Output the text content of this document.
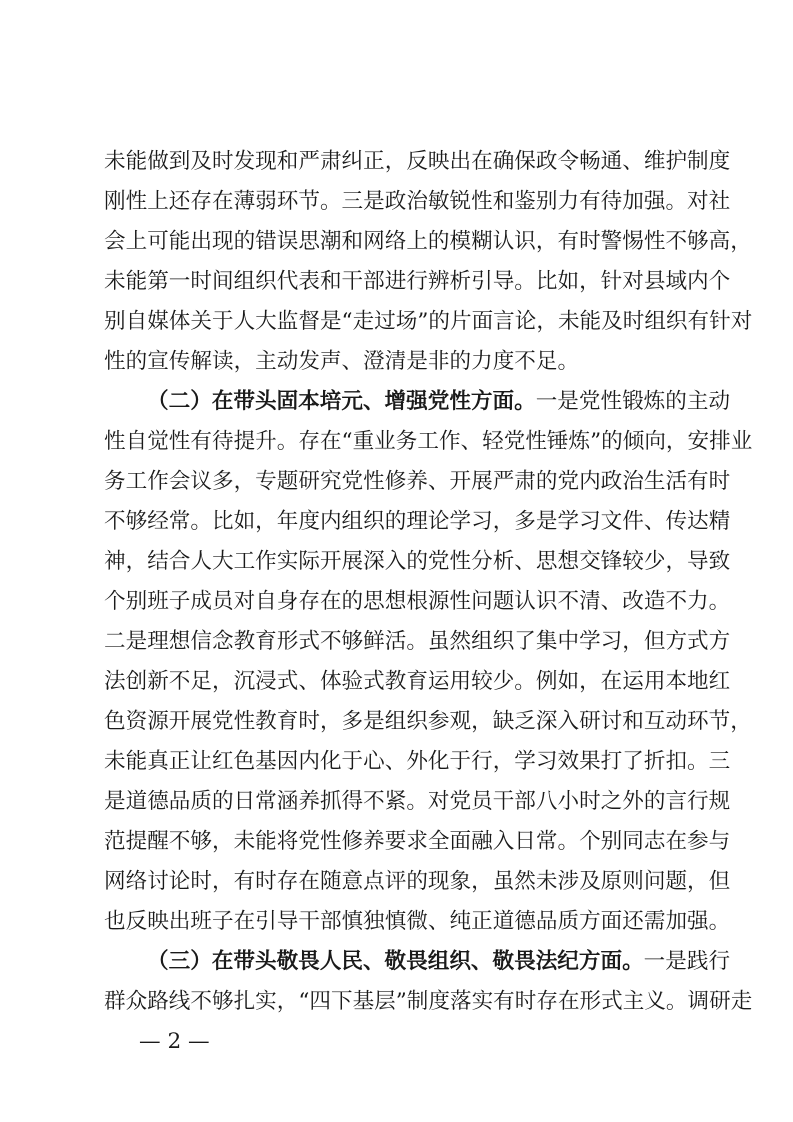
未能做到及时发现和严肃纠正，反映出在确保政令畅通、维护制度
刚性上还存在薄弱环节。三是政治敏锐性和鉴别力有待加强。对社
会上可能出现的错误思潮和网络上的模糊认识，有时警惕性不够高，
未能第一时间组织代表和干部进行辨析引导。比如，针对县域内个
别自媒体关于人大监督是“走过场”的片面言论，未能及时组织有针对
性的宣传解读，主动发声、澄清是非的力度不足。
（二）在带头固本培元、增强党性方面。一是党性锻炼的主动
性自觉性有待提升。存在“重业务工作、轻党性锤炼”的倾向，安排业
务工作会议多，专题研究党性修养、开展严肃的党内政治生活有时
不够经常。比如，年度内组织的理论学习，多是学习文件、传达精
神，结合人大工作实际开展深入的党性分析、思想交锋较少，导致
个别班子成员对自身存在的思想根源性问题认识不清、改造不力。
二是理想信念教育形式不够鲜活。虽然组织了集中学习，但方式方
法创新不足，沉浸式、体验式教育运用较少。例如，在运用本地红
色资源开展党性教育时，多是组织参观，缺乏深入研讨和互动环节，
未能真正让红色基因内化于心、外化于行，学习效果打了折扣。三
是道德品质的日常涵养抓得不紧。对党员干部八小时之外的言行规
范提醒不够，未能将党性修养要求全面融入日常。个别同志在参与
网络讨论时，有时存在随意点评的现象，虽然未涉及原则问题，但
也反映出班子在引导干部慎独慎微、纯正道德品质方面还需加强。
（三）在带头敬畏人民、敬畏组织、敬畏法纪方面。一是践行
群众路线不够扎实，“四下基层”制度落实有时存在形式主义。调研走
— 2 —
